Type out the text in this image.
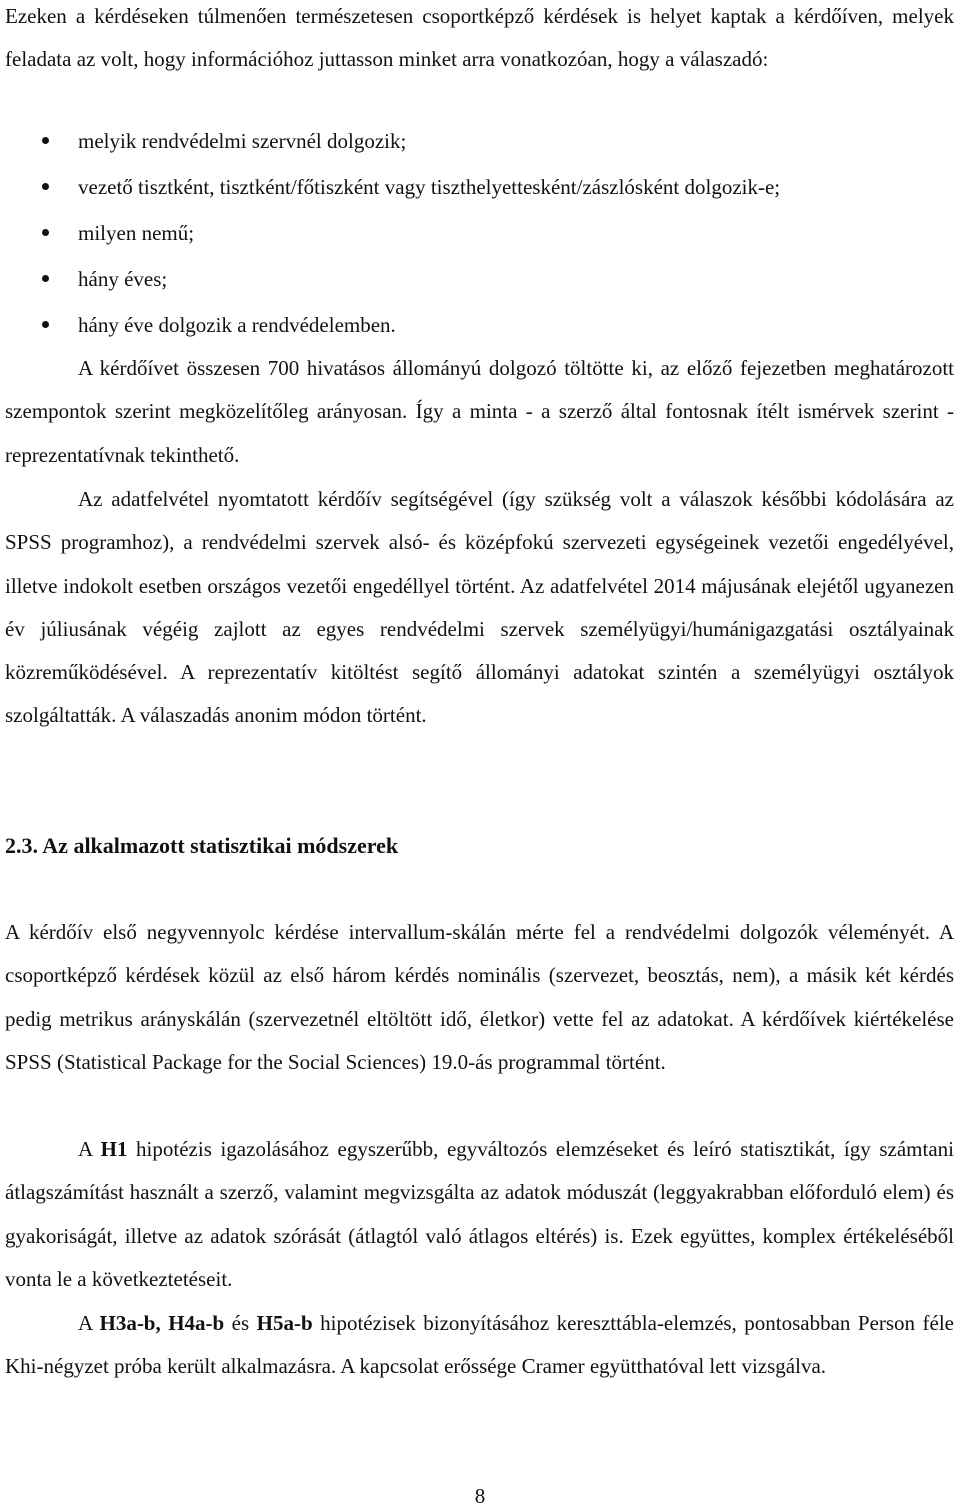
Ezeken a kérdéseken túlmenően természetesen csoportképző kérdések is helyet kaptak a kérdőíven, melyek feladata az volt, hogy információhoz juttasson minket arra vonatkozóan, hogy a válaszadó:

melyik rendvédelmi szervnél dolgozik;
vezető tisztként, tisztként/főtiszként vagy tiszthelyettesként/zászlósként dolgozik-e;
milyen nemű;
hány éves;
hány éve dolgozik a rendvédelemben.

A kérdőívet összesen 700 hivatásos állományú dolgozó töltötte ki, az előző fejezetben meghatározott szempontok szerint megközelítőleg arányosan. Így a minta - a szerző által fontosnak ítélt ismérvek szerint - reprezentatívnak tekinthető.

Az adatfelvétel nyomtatott kérdőív segítségével (így szükség volt a válaszok későbbi kódolására az SPSS programhoz), a rendvédelmi szervek alsó- és középfokú szervezeti egységeinek vezetői engedélyével, illetve indokolt esetben országos vezetői engedéllyel történt. Az adatfelvétel 2014 májusának elejétől ugyanezen év júliusának végéig zajlott az egyes rendvédelmi szervek személyügyi/humánigazgatási osztályainak közreműködésével. A reprezentatív kitöltést segítő állományi adatokat szintén a személyügyi osztályok szolgáltatták. A válaszadás anonim módon történt.

2.3. Az alkalmazott statisztikai módszerek

A kérdőív első negyvennyolc kérdése intervallum-skálán mérte fel a rendvédelmi dolgozók véleményét. A csoportképző kérdések közül az első három kérdés nominális (szervezet, beosztás, nem), a másik két kérdés pedig metrikus arányskálán (szervezetnél eltöltött idő, életkor) vette fel az adatokat. A kérdőívek kiértékelése SPSS (Statistical Package for the Social Sciences) 19.0-ás programmal történt.

A H1 hipotézis igazolásához egyszerűbb, egyváltozós elemzéseket és leíró statisztikát, így számtani átlagszámítást használt a szerző, valamint megvizsgálta az adatok móduszát (leggyakrabban előforduló elem) és gyakoriságát, illetve az adatok szórását (átlagtól való átlagos eltérés) is. Ezek együttes, komplex értékeléséből vonta le a következtetéseit.

A H3a-b, H4a-b és H5a-b hipotézisek bizonyításához kereszttábla-elemzés, pontosabban Person féle Khi-négyzet próba került alkalmazásra. A kapcsolat erőssége Cramer együtthatóval lett vizsgálva.

8
